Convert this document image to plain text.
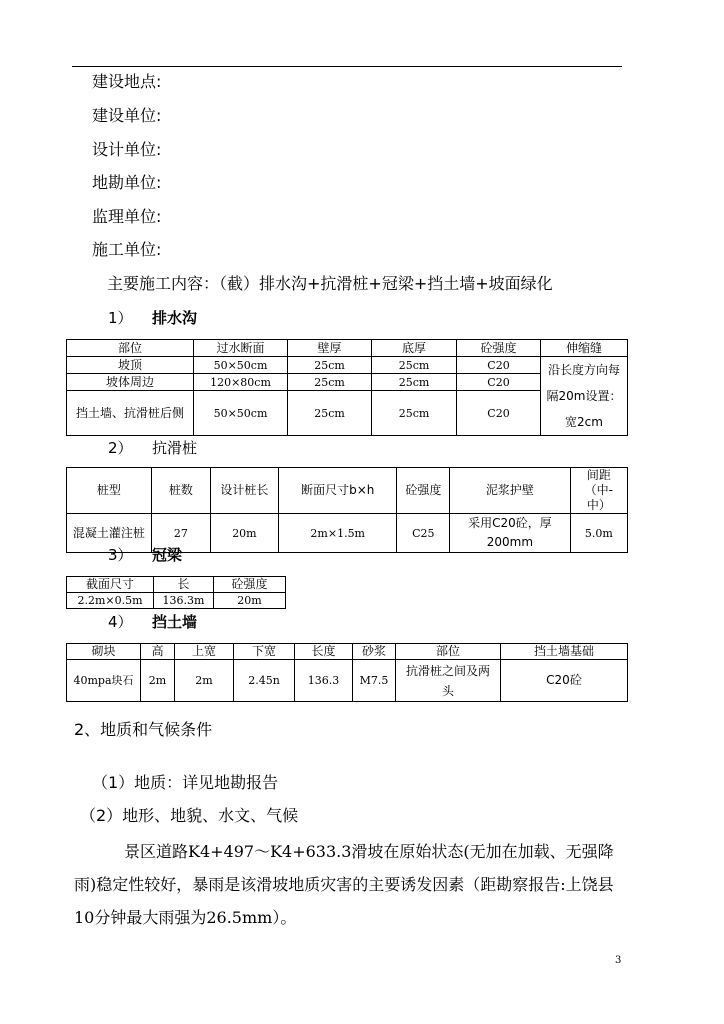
建设地点:
建设单位:
设计单位:
地勘单位:
监理单位:
施工单位:
主要施工内容：（截）排水沟+抗滑桩+冠梁+挡土墙+坡面绿化
1） 排水沟
部位	过水断面	壁厚	底厚	砼强度	伸缩缝
坡顶	50×50cm	25cm	25cm	C20	沿长度方向每隔20m设置：宽2cm
坡体周边	120×80cm	25cm	25cm	C20	
挡土墙、抗滑桩后侧	50×50cm	25cm	25cm	C20	
2） 抗滑桩
桩型	桩数	设计桩长	断面尺寸b×h	砼强度	泥浆护壁	间距（中-中）
混凝土灌注桩	27	20m	2m×1.5m	C25	采用C20砼，厚200mm	5.0m
3） 冠梁
截面尺寸	长	砼强度
2.2m×0.5m	136.3m	20m
4） 挡土墙
砌块	高	上宽	下宽	长度	砂浆	部位	挡土墙基础
40mpa块石	2m	2m	2.45n	136.3	M7.5	抗滑桩之间及两头	C20砼
2、地质和气候条件
（1）地质：详见地勘报告
（2）地形、地貌、水文、气候
景区道路K4+497～K4+633.3滑坡在原始状态(无加在加载、无强降雨)稳定性较好，暴雨是该滑坡地质灾害的主要诱发因素（距勘察报告:上饶县10分钟最大雨强为26.5mm）。
3
